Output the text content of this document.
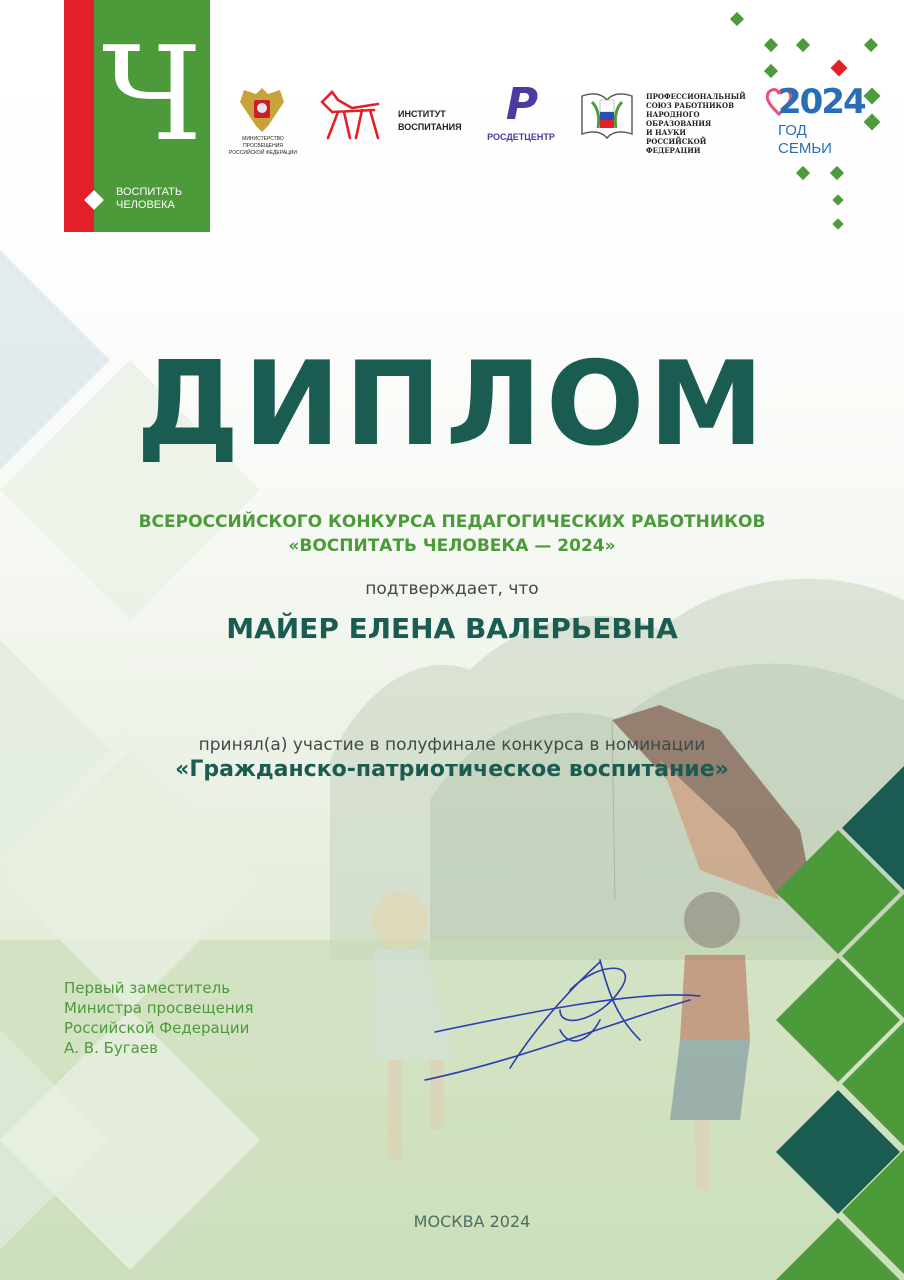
Ч
ВОСПИТАТЬ
ЧЕЛОВЕКА
МИНИСТЕРСТВО ПРОСВЕЩЕНИЯ
РОССИЙСКОЙ ФЕДЕРАЦИИ
ИНСТИТУТ
ВОСПИТАНИЯ Р
РОСДЕТЦЕНТР
ПРОФЕССИОНАЛЬНЫЙ
СОЮЗ РАБОТНИКОВ
НАРОДНОГО ОБРАЗОВАНИЯ
И НАУКИ РОССИЙСКОЙ
ФЕДЕРАЦИИ
2024
ГОД СЕМЬИ
ДИПЛОМ
ВСЕРОССИЙСКОГО КОНКУРСА ПЕДАГОГИЧЕСКИХ РАБОТНИКОВ
«ВОСПИТАТЬ ЧЕЛОВЕКА — 2024»
подтверждает, что
МАЙЕР ЕЛЕНА ВАЛЕРЬЕВНА
принял(а) участие в полуфинале конкурса в номинации
«Гражданско-патриотическое воспитание»
Первый заместитель
Министра просвещения
Российской Федерации
А. В. Бугаев
МОСКВА 2024
